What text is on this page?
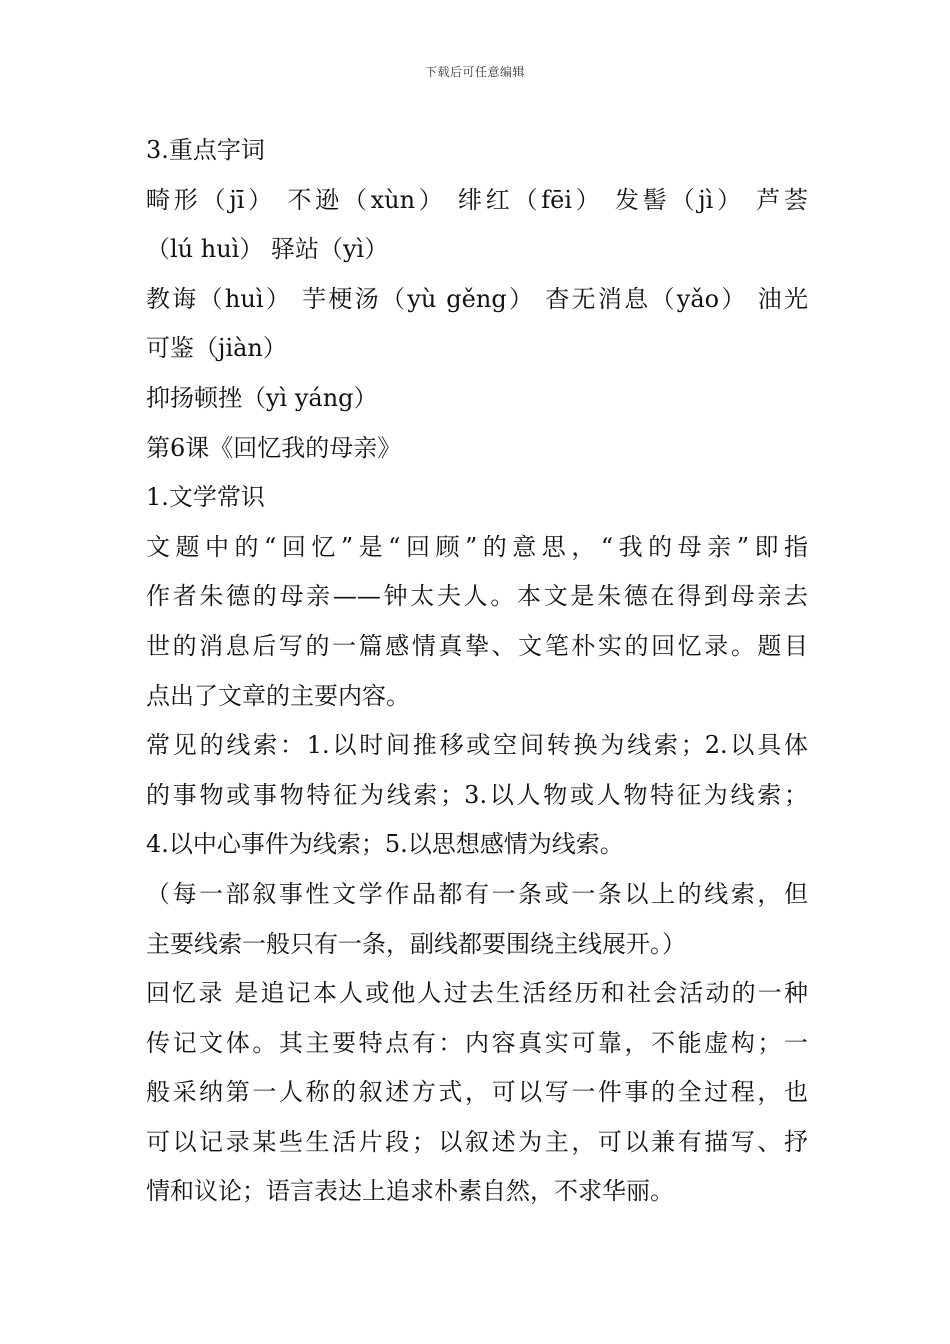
下载后可任意编辑
3.重点字词
畸形（jī） 不逊（xùn） 绯红（fēi） 发髻（jì） 芦荟
（lú huì） 驿站（yì）
教诲（huì） 芋梗汤（yù gěng） 杳无消息（yǎo） 油光
可鉴（jiàn）
抑扬顿挫（yì yáng）
第6课《回忆我的母亲》
1.文学常识
文题中的“回忆”是“回顾”的意思，“我的母亲”即指
作者朱德的母亲——钟太夫人。本文是朱德在得到母亲去
世的消息后写的一篇感情真挚、文笔朴实的回忆录。题目
点出了文章的主要内容。
常见的线索：1.以时间推移或空间转换为线索；2.以具体
的事物或事物特征为线索；3.以人物或人物特征为线索；
4.以中心事件为线索；5.以思想感情为线索。
（每一部叙事性文学作品都有一条或一条以上的线索，但
主要线索一般只有一条，副线都要围绕主线展开。）
回忆录 是追记本人或他人过去生活经历和社会活动的一种
传记文体。其主要特点有：内容真实可靠，不能虚构；一
般采纳第一人称的叙述方式，可以写一件事的全过程，也
可以记录某些生活片段；以叙述为主，可以兼有描写、抒
情和议论；语言表达上追求朴素自然，不求华丽。
